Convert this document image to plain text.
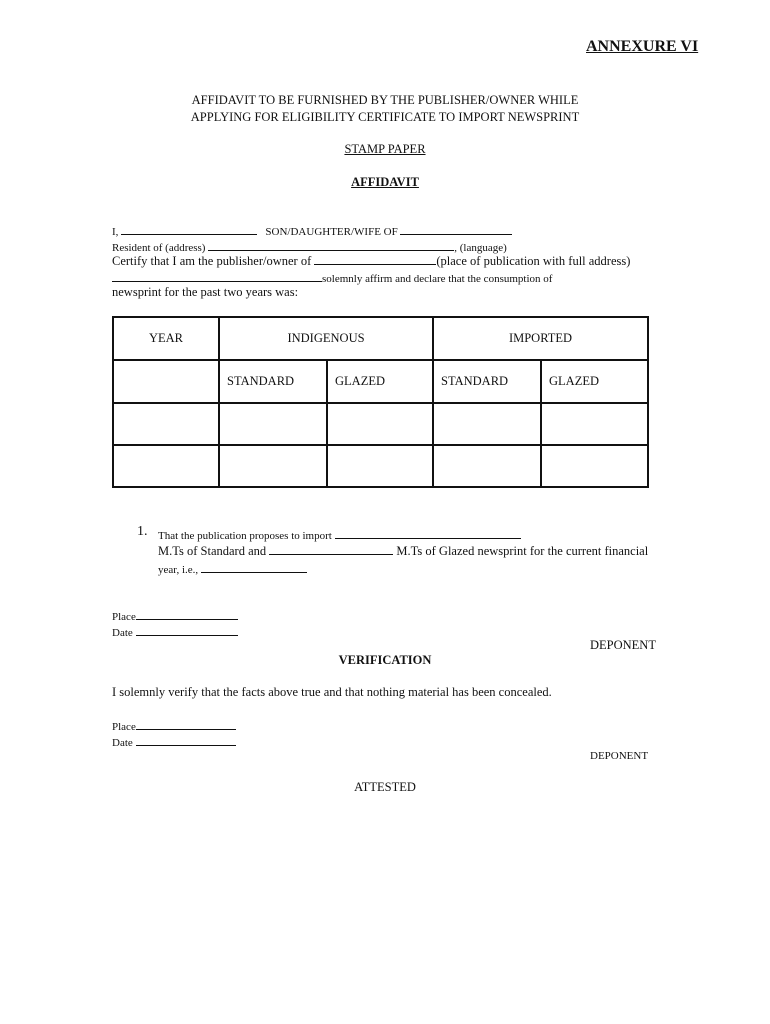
ANNEXURE VI
AFFIDAVIT TO BE FURNISHED BY THE PUBLISHER/OWNER WHILE
APPLYING FOR ELIGIBILITY CERTIFICATE TO IMPORT NEWSPRINT
STAMP PAPER
AFFIDAVIT
I,	SON/DAUGHTER/WIFE OF
Resident of (address)	, (language)
Certify that I am the publisher/owner of	(place of publication with full address)
solemnly affirm and declare that the consumption of
newsprint for the past two years was:
YEAR	INDIGENOUS		IMPORTED	
	STANDARD	GLAZED	STANDARD	GLAZED

1. That the publication proposes to import
M.Ts of Standard and	M.Ts of Glazed newsprint for the current financial
year, i.e.,
Place
Date
DEPONENT
VERIFICATION
I solemnly verify that the facts above true and that nothing material has been concealed.
Place
Date
DEPONENT
ATTESTED
